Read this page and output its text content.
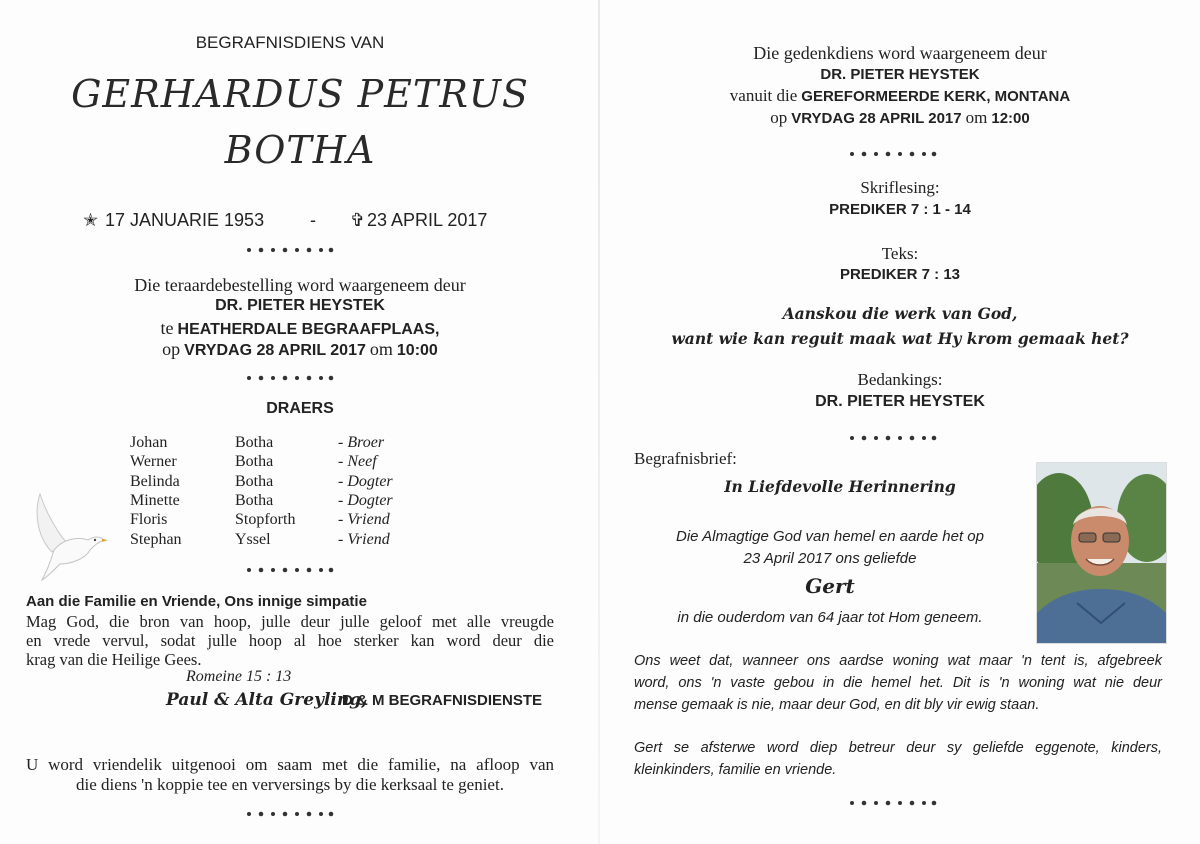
BEGRAFNISDIENS VAN
GERHARDUS PETRUS
BOTHA
✭ 17 JANUARIE 1953	- ✞ 23 APRIL 2017
Die teraardebestelling word waargeneem deur
DR. PIETER HEYSTEK
te HEATHERDALE BEGRAAFPLAAS,
op VRYDAG 28 APRIL 2017 om 10:00
DRAERS
Johan	Botha	- Broer
Werner	Botha	- Neef
Belinda	Botha	- Dogter
Minette	Botha	- Dogter
Floris	Stopforth	- Vriend
Stephan	Yssel	- Vriend
Aan die Familie en Vriende, Ons innige simpatie
Mag God, die bron van hoop, julle deur julle geloof met alle vreugde
en vrede vervul, sodat julle hoop al hoe sterker kan word deur die
krag van die Heilige Gees.
Romeine 15 : 13
Paul & Alta Greyling,
D & M BEGRAFNISDIENSTE
U word vriendelik uitgenooi om saam met die familie, na afloop van
die diens 'n koppie tee en verversings by die kerksaal te geniet.
Die gedenkdiens word waargeneem deur
DR. PIETER HEYSTEK
vanuit die GEREFORMEERDE KERK, MONTANA
op VRYDAG 28 APRIL 2017 om 12:00
Skriflesing:
PREDIKER 7 : 1 - 14
Teks:
PREDIKER 7 : 13
Aanskou die werk van God,
want wie kan reguit maak wat Hy krom gemaak het?
Bedankings:
DR. PIETER HEYSTEK
Begrafnisbrief:
In Liefdevolle Herinnering
Die Almagtige God van hemel en aarde het op
23 April 2017 ons geliefde
Gert
in die ouderdom van 64 jaar tot Hom geneem.
Ons weet dat, wanneer ons aardse woning wat maar 'n tent is, afgebreek
word, ons 'n vaste gebou in die hemel het. Dit is 'n woning wat nie deur
mense gemaak is nie, maar deur God, en dit bly vir ewig staan.
Gert se afsterwe word diep betreur deur sy geliefde eggenote, kinders,
kleinkinders, familie en vriende.
